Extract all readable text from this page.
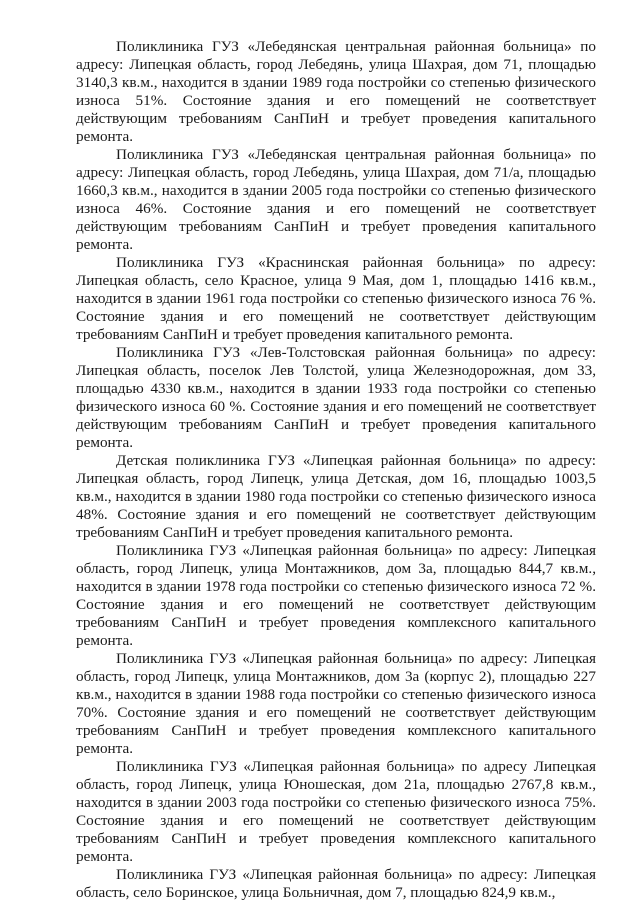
Поликлиника ГУЗ «Лебедянская центральная районная больница» по адресу: Липецкая область, город Лебедянь, улица Шахрая, дом 71, площадью 3140,3 кв.м., находится в здании 1989 года постройки со степенью физического износа 51%. Состояние здания и его помещений не соответствует действующим требованиям СанПиН и требует проведения капитального ремонта.

Поликлиника ГУЗ «Лебедянская центральная районная больница» по адресу: Липецкая область, город Лебедянь, улица Шахрая, дом 71/а, площадью 1660,3 кв.м., находится в здании 2005 года постройки со степенью физического износа 46%. Состояние здания и его помещений не соответствует действующим требованиям СанПиН и требует проведения капитального ремонта.

Поликлиника ГУЗ «Краснинская районная больница» по адресу: Липецкая область, село Красное, улица 9 Мая, дом 1, площадью 1416 кв.м., находится в здании 1961 года постройки со степенью физического износа 76 %. Состояние здания и его помещений не соответствует действующим требованиям СанПиН и требует проведения капитального ремонта.

Поликлиника ГУЗ «Лев-Толстовская районная больница» по адресу: Липецкая область, поселок Лев Толстой, улица Железнодорожная, дом 33, площадью 4330 кв.м., находится в здании 1933 года постройки со степенью физического износа 60 %. Состояние здания и его помещений не соответствует действующим требованиям СанПиН и требует проведения капитального ремонта.

Детская поликлиника ГУЗ «Липецкая районная больница» по адресу: Липецкая область, город Липецк, улица Детская, дом 16, площадью 1003,5 кв.м., находится в здании 1980 года постройки со степенью физического износа 48%. Состояние здания и его помещений не соответствует действующим требованиям СанПиН и требует проведения капитального ремонта.

Поликлиника ГУЗ «Липецкая районная больница» по адресу: Липецкая область, город Липецк, улица Монтажников, дом 3а, площадью 844,7 кв.м., находится в здании 1978 года постройки со степенью физического износа 72 %. Состояние здания и его помещений не соответствует действующим требованиям СанПиН и требует проведения комплексного капитального ремонта.

Поликлиника ГУЗ «Липецкая районная больница» по адресу: Липецкая область, город Липецк, улица Монтажников, дом 3а (корпус 2), площадью 227 кв.м., находится в здании 1988 года постройки со степенью физического износа 70%. Состояние здания и его помещений не соответствует действующим требованиям СанПиН и требует проведения комплексного капитального ремонта.

Поликлиника ГУЗ «Липецкая районная больница» по адресу Липецкая область, город Липецк, улица Юношеская, дом 21а, площадью 2767,8 кв.м., находится в здании 2003 года постройки со степенью физического износа 75%. Состояние здания и его помещений не соответствует действующим требованиям СанПиН и требует проведения комплексного капитального ремонта.

Поликлиника ГУЗ «Липецкая районная больница» по адресу: Липецкая область, село Боринское, улица Больничная, дом 7, площадью 824,9 кв.м.,
